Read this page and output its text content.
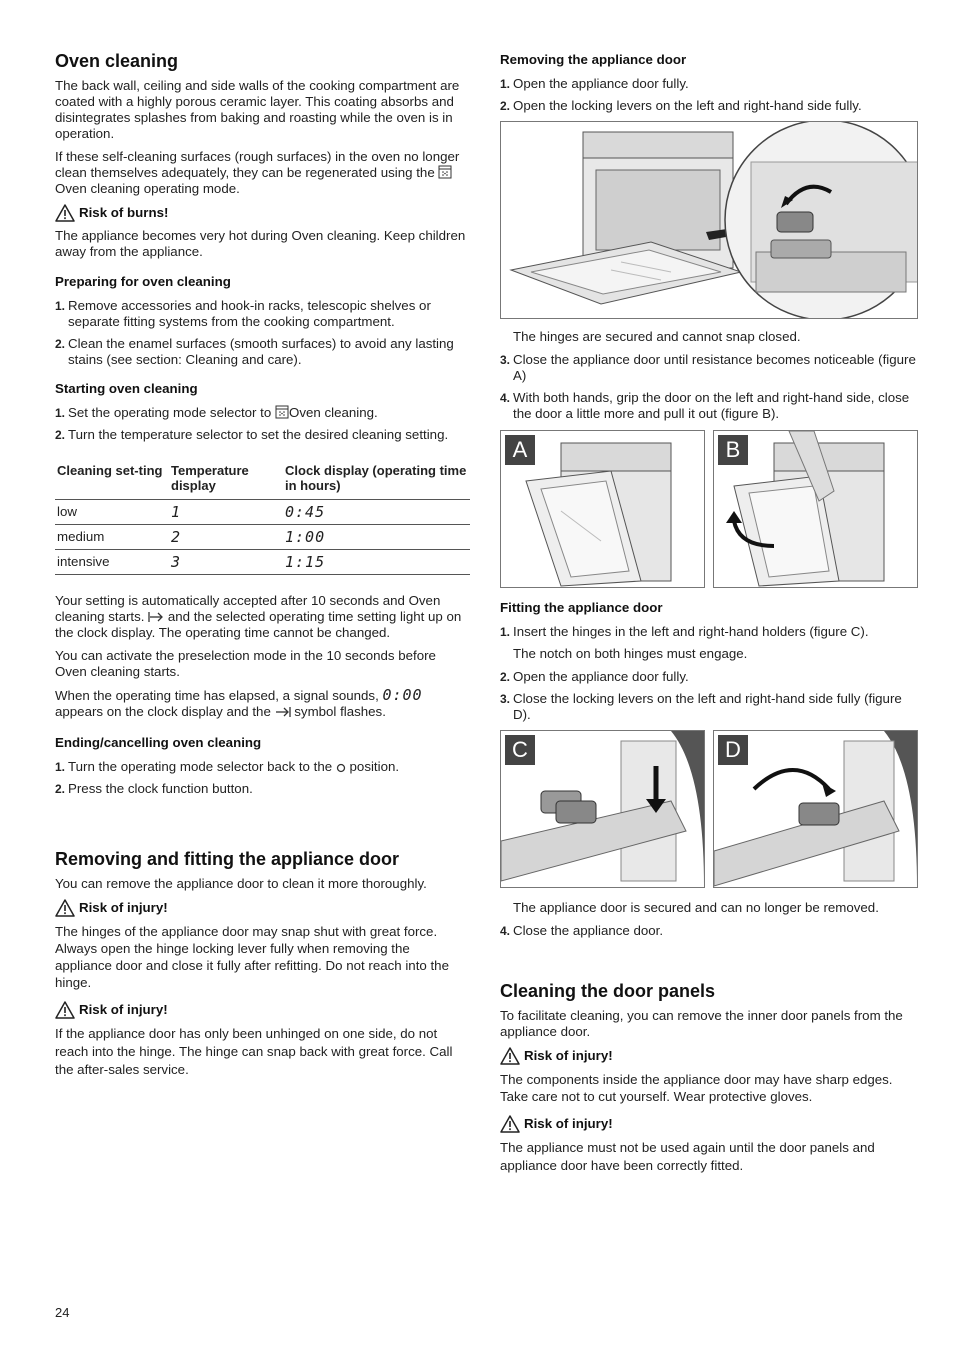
Oven cleaning

The back wall, ceiling and side walls of the cooking compartment are coated with a highly porous ceramic layer. This coating absorbs and disintegrates splashes from baking and roasting while the oven is in operation.

If these self-cleaning surfaces (rough surfaces) in the oven no longer clean themselves adequately, they can be regenerated using the  Oven cleaning operating mode.

Risk of burns!

The appliance becomes very hot during Oven cleaning. Keep children away from the appliance.

Preparing for oven cleaning
1. Remove accessories and hook-in racks, telescopic shelves or separate fitting systems from the cooking compartment.
2. Clean the enamel surfaces (smooth surfaces) to avoid any lasting stains (see section: Cleaning and care).
Starting oven cleaning
1. Set the operating mode selector to Oven cleaning.
2. Turn the temperature selector to set the desired cleaning setting.
Cleaning set-ting	Temperature display	Clock display (operating time in hours)
low	1	0:45
medium	2	1:00
intensive	3	1:15

Your setting is automatically accepted after 10 seconds and Oven cleaning starts. and the selected operating time setting light up on the clock display. The operating time cannot be changed.

You can activate the preselection mode in the 10 seconds before Oven cleaning starts.

When the operating time has elapsed, a signal sounds, 0:00 appears on the clock display and the symbol flashes.

Ending/cancelling oven cleaning
1. Turn the operating mode selector back to the position.
2. Press the clock function button.
Removing and fitting the appliance door

You can remove the appliance door to clean it more thoroughly.

Risk of injury!

The hinges of the appliance door may snap shut with great force. Always open the hinge locking lever fully when removing the appliance door and close it fully after refitting. Do not reach into the hinge.

Risk of injury!

If the appliance door has only been unhinged on one side, do not reach into the hinge. The hinge can snap back with great force. Call the after-sales service.

Removing the appliance door
1. Open the appliance door fully.
2. Open the locking levers on the left and right-hand side fully.

The hinges are secured and cannot snap closed.

3. Close the appliance door until resistance becomes noticeable (figure A)
4. With both hands, grip the door on the left and right-hand side, close the door a little more and pull it out (figure B).
A	B
Fitting the appliance door
1. Insert the hinges in the left and right-hand holders (figure C).

The notch on both hinges must engage.

2. Open the appliance door fully.
3. Close the locking levers on the left and right-hand side fully (figure D).
C	D

The appliance door is secured and can no longer be removed.

4. Close the appliance door.
Cleaning the door panels

To facilitate cleaning, you can remove the inner door panels from the appliance door.

Risk of injury!

The components inside the appliance door may have sharp edges. Take care not to cut yourself. Wear protective gloves.

Risk of injury!

The appliance must not be used again until the door panels and appliance door have been correctly fitted.

24
